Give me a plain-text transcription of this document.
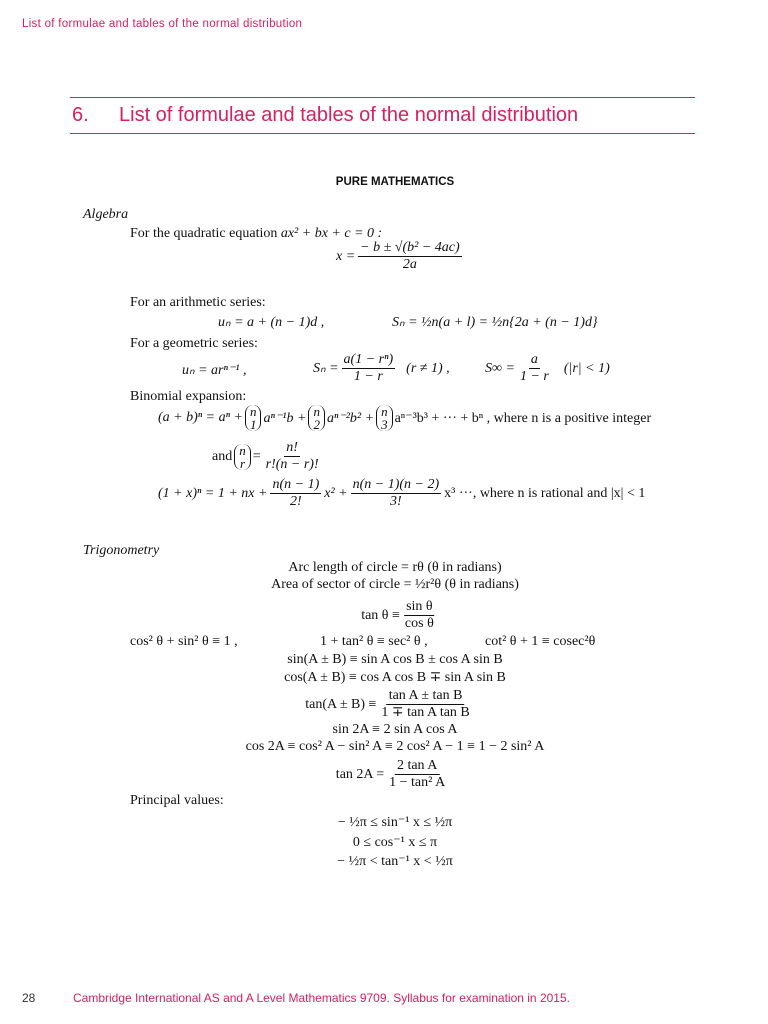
List of formulae and tables of the normal distribution
6. List of formulae and tables of the normal distribution
PURE MATHEMATICS
Algebra
For the quadratic equation ax² + bx + c = 0 :
$x = \frac{\text{− b ± √(b² − 4ac)}}{2a}$
For an arithmetic series:
uₙ = a + (n − 1)d ,	Sₙ = ½n(a + l) = ½n{2a + (n − 1)d}
For a geometric series:
uₙ = arⁿ⁻¹ ,	$S_n = \frac{\text{a(1 − rⁿ)}}{1 - r} (r \ne 1)$ ,	$S\infty = \frac{a}{1 - r} (|r| < 1)$
Binomial expansion:
(a + b)ⁿ = aⁿ + n
1 aⁿ⁻¹b + n
2 aⁿ⁻²b² + n
3 aⁿ⁻³b³ + ··· + bⁿ , where n is a positive integer
and n
$r = \frac{n!}{r!(n - r)!}$
(1 + x)ⁿ = 1 + nx + $\frac{n(n - 1)}{2!} x^2 + \frac{n(n - 1)(n - 2)}{3!} x^3$ ···, where n is rational and |x| < 1
Trigonometry
Arc length of circle = rθ (θ in radians)
Area of sector of circle = ½r²θ (θ in radians)
$\tan \theta \equiv \frac{\text{sin θ}}{\text{cos θ}}$
cos² θ + sin² θ ≡ 1 ,	1 + tan² θ ≡ sec² θ ,	cot² θ + 1 ≡ cosec²θ
sin(A ± B) ≡ sin A cos B ± cos A sin B
cos(A ± B) ≡ cos A cos B ∓ sin A sin B
$\tan(A \pm B) \equiv \frac{\text{tan A ± tan B}}{\text{1 ∓ tan A tan B}}$
sin 2A ≡ 2 sin A cos A
cos 2A ≡ cos² A − sin² A ≡ 2 cos² A − 1 ≡ 1 − 2 sin² A
$\tan 2A = \frac{\text{2 tan A}}{\text{1 − tan² A}}$
Principal values:
− ½π ≤ sin⁻¹ x ≤ ½π
0 ≤ cos⁻¹ x ≤ π
− ½π < tan⁻¹ x < ½π
28	Cambridge International AS and A Level Mathematics 9709. Syllabus for examination in 2015.
